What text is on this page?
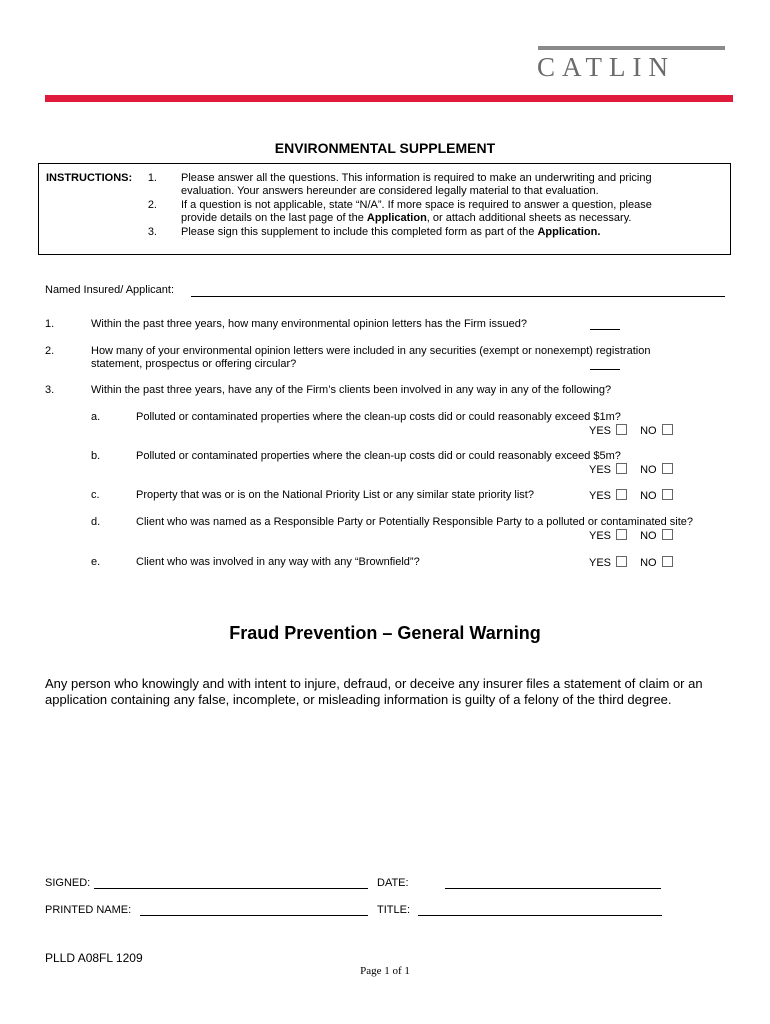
CATLIN
ENVIRONMENTAL SUPPLEMENT
INSTRUCTIONS:	1. Please answer all the questions. This information is required to make an underwriting and pricing
evaluation. Your answers hereunder are considered legally material to that evaluation.
2. If a question is not applicable, state “N/A”. If more space is required to answer a question, please
provide details on the last page of the Application, or attach additional sheets as necessary.
3. Please sign this supplement to include this completed form as part of the Application.
Named Insured/ Applicant:
1.	Within the past three years, how many environmental opinion letters has the Firm issued?
2.	How many of your environmental opinion letters were included in any securities (exempt or nonexempt) registration
statement, prospectus or offering circular?
3.	Within the past three years, have any of the Firm’s clients been involved in any way in any of the following?
a.	Polluted or contaminated properties where the clean-up costs did or could reasonably exceed $1m?
YES	NO
b.	Polluted or contaminated properties where the clean-up costs did or could reasonably exceed $5m?
YES	NO
c.	Property that was or is on the National Priority List or any similar state priority list?	YES	NO
d.	Client who was named as a Responsible Party or Potentially Responsible Party to a polluted or contaminated site?
YES	NO
e.	Client who was involved in any way with any “Brownfield”?	YES	NO
Fraud Prevention – General Warning
Any person who knowingly and with intent to injure, defraud, or deceive any insurer files a statement of claim or an
application containing any false, incomplete, or misleading information is guilty of a felony of the third degree.
SIGNED:	DATE:
PRINTED NAME:	TITLE:
PLLD A08FL 1209
Page 1 of 1
